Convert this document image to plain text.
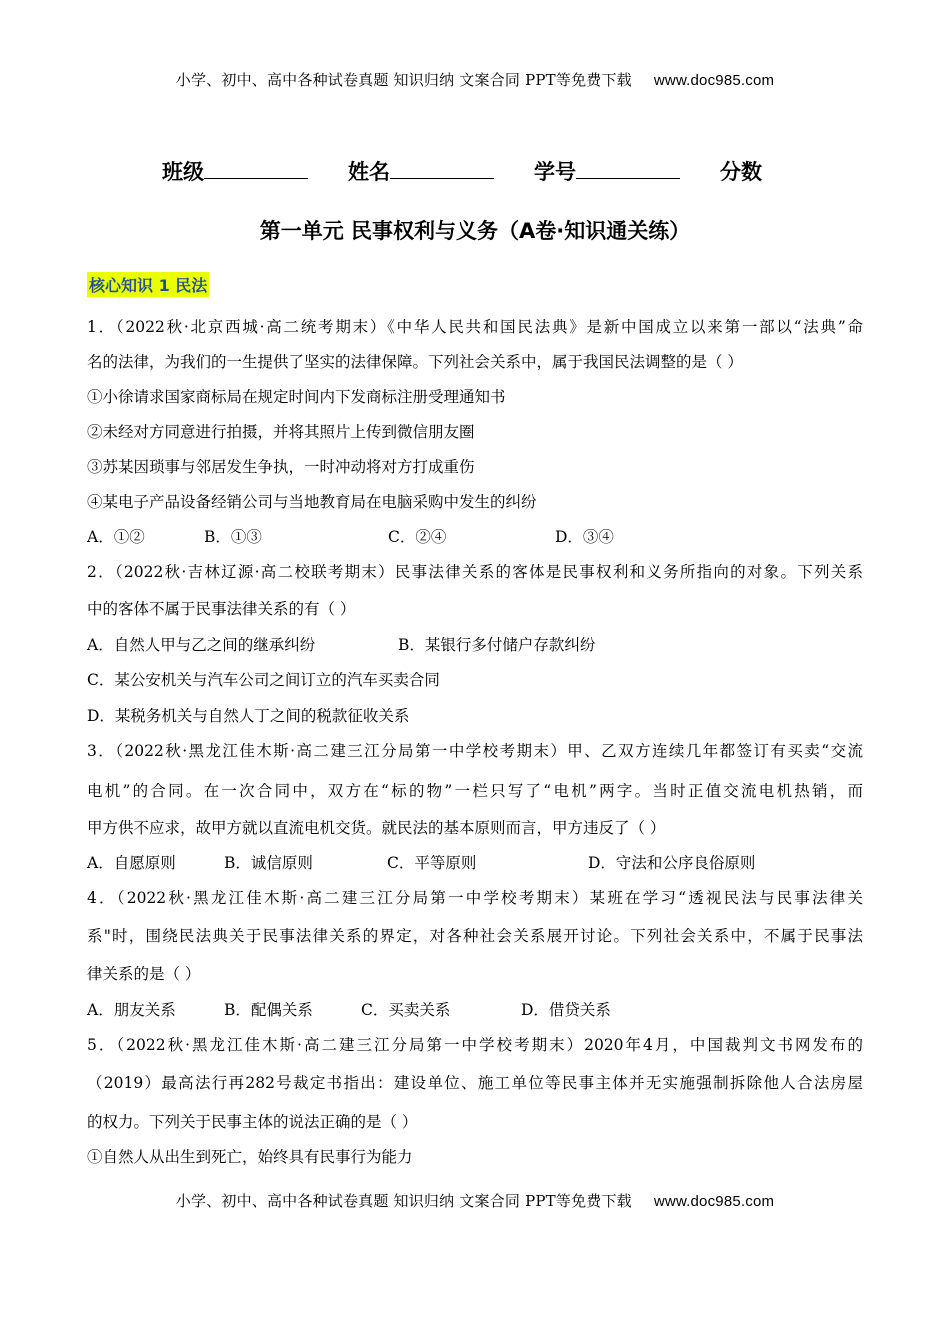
小学、初中、高中各种试卷真题 知识归纳 文案合同 PPT等免费下载 www.doc985.com
班级	姓名	学号	分数
第一单元 民事权利与义务（A卷·知识通关练）
核心知识 1 民法
1．（2022秋·北京西城·高二统考期末）《中华人民共和国民法典》是新中国成立以来第一部以“法典”命
名的法律，为我们的一生提供了坚实的法律保障。下列社会关系中，属于我国民法调整的是（ ）
①小徐请求国家商标局在规定时间内下发商标注册受理通知书
②未经对方同意进行拍摄，并将其照片上传到微信朋友圈
③苏某因琐事与邻居发生争执，一时冲动将对方打成重伤
④某电子产品设备经销公司与当地教育局在电脑采购中发生的纠纷
A．①②	B．①③	C．②④	D．③④
2．（2022秋·吉林辽源·高二校联考期末）民事法律关系的客体是民事权利和义务所指向的对象。下列关系
中的客体不属于民事法律关系的有（ ）
A．自然人甲与乙之间的继承纠纷	B．某银行多付储户存款纠纷
C．某公安机关与汽车公司之间订立的汽车买卖合同
D．某税务机关与自然人丁之间的税款征收关系
3．（2022秋·黑龙江佳木斯·高二建三江分局第一中学校考期末）甲、乙双方连续几年都签订有买卖“交流
电机”的合同。在一次合同中，双方在“标的物”一栏只写了“电机”两字。当时正值交流电机热销，而
甲方供不应求，故甲方就以直流电机交货。就民法的基本原则而言，甲方违反了（ ）
A．自愿原则	B．诚信原则	C．平等原则	D．守法和公序良俗原则
4．（2022秋·黑龙江佳木斯·高二建三江分局第一中学校考期末）某班在学习“透视民法与民事法律关
系"时，围绕民法典关于民事法律关系的界定，对各种社会关系展开讨论。下列社会关系中，不属于民事法
律关系的是（ ）
A．朋友关系	B．配偶关系	C．买卖关系	D．借贷关系
5．（2022秋·黑龙江佳木斯·高二建三江分局第一中学校考期末）2020年4月，中国裁判文书网发布的
（2019）最高法行再282号裁定书指出：建设单位、施工单位等民事主体并无实施强制拆除他人合法房屋
的权力。下列关于民事主体的说法正确的是（ ）
①自然人从出生到死亡，始终具有民事行为能力
小学、初中、高中各种试卷真题 知识归纳 文案合同 PPT等免费下载 www.doc985.com
